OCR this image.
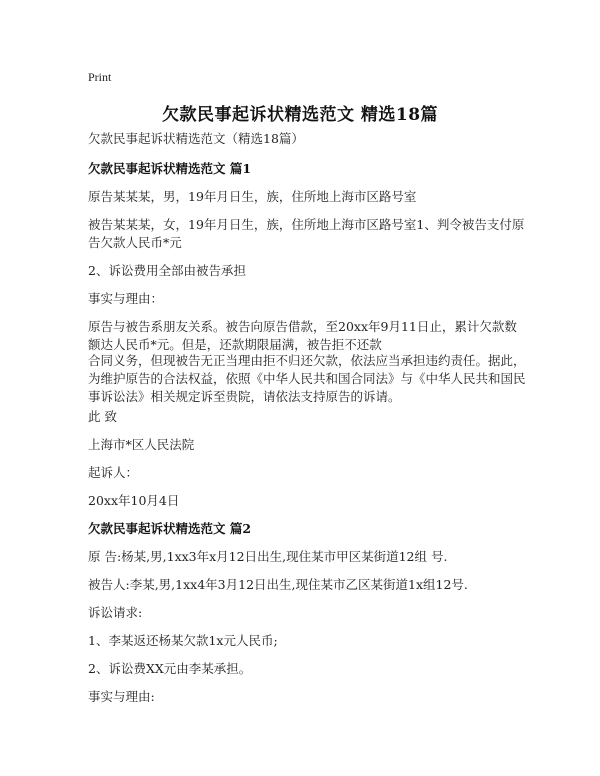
Print
欠款民事起诉状精选范文 精选18篇
欠款民事起诉状精选范文（精选18篇）
欠款民事起诉状精选范文 篇1
原告某某某，男，19年月日生，族，住所地上海市区路号室
被告某某某，女，19年月日生，族，住所地上海市区路号室1、判令被告支付原告欠款人民币*元
2、诉讼费用全部由被告承担
事实与理由：
原告与被告系朋友关系。被告向原告借款，至20xx年9月11日止，累计欠款数额达人民币*元。但是，还款期限届满，被告拒不还款
合同义务，但现被告无正当理由拒不归还欠款，依法应当承担违约责任。据此，为维护原告的合法权益，依照《中华人民共和国合同法》与《中华人民共和国民事诉讼法》相关规定诉至贵院，请依法支持原告的诉请。
此 致
上海市*区人民法院
起诉人：
20xx年10月4日
欠款民事起诉状精选范文 篇2
原 告:杨某,男,1xx3年x月12日出生,现住某市甲区某街道12组 号.
被告人:李某,男,1xx4年3月12日出生,现住某市乙区某街道1x组12号.
诉讼请求:
1、李某返还杨某欠款1x元人民币;
2、诉讼费XX元由李某承担。
事实与理由:
